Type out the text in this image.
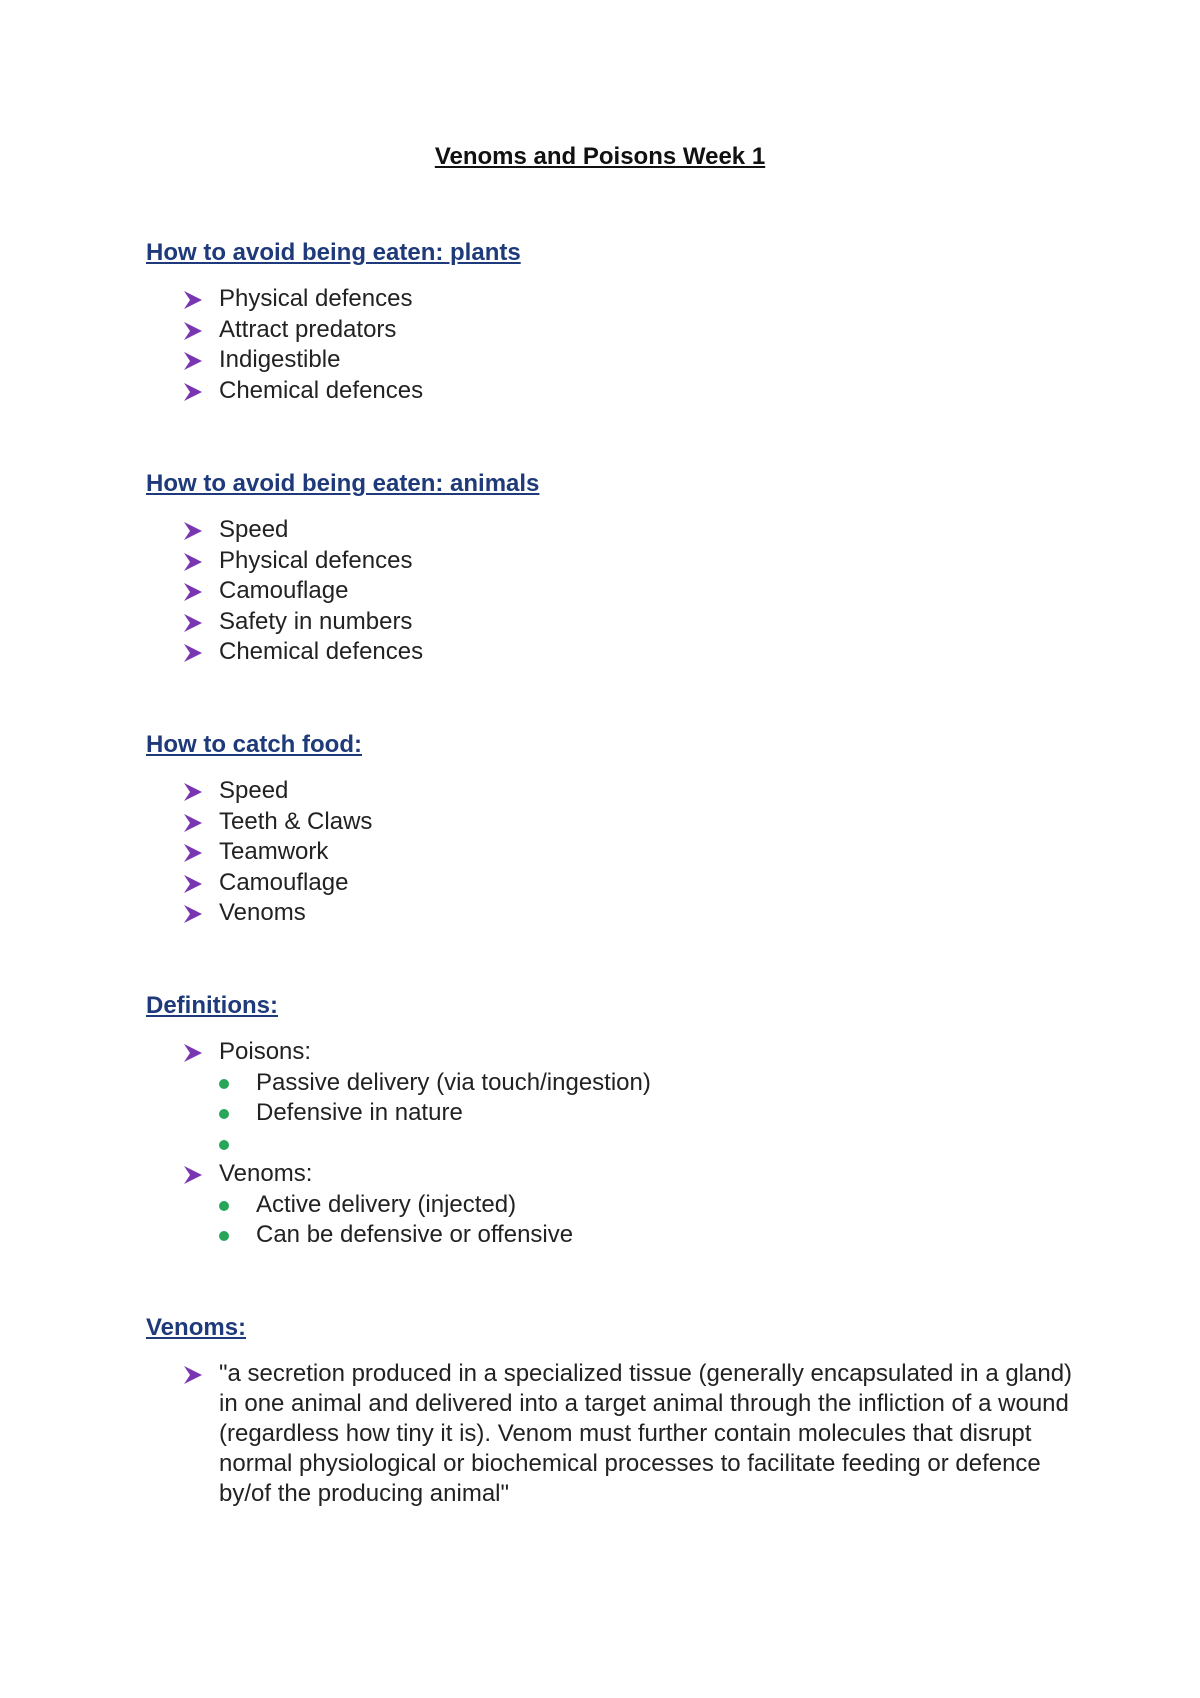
Venoms and Poisons Week 1
How to avoid being eaten: plants
Physical defences
Attract predators
Indigestible
Chemical defences
How to avoid being eaten: animals
Speed
Physical defences
Camouflage
Safety in numbers
Chemical defences
How to catch food:
Speed
Teeth & Claws
Teamwork
Camouflage
Venoms
Definitions:
Poisons:
Passive delivery (via touch/ingestion)
Defensive in nature
Venoms:
Active delivery (injected)
Can be defensive or offensive
Venoms:
"a secretion produced in a specialized tissue (generally encapsulated in a gland) in one animal and delivered into a target animal through the infliction of a wound (regardless how tiny it is). Venom must further contain molecules that disrupt normal physiological or biochemical processes to facilitate feeding or defence by/of the producing animal"
